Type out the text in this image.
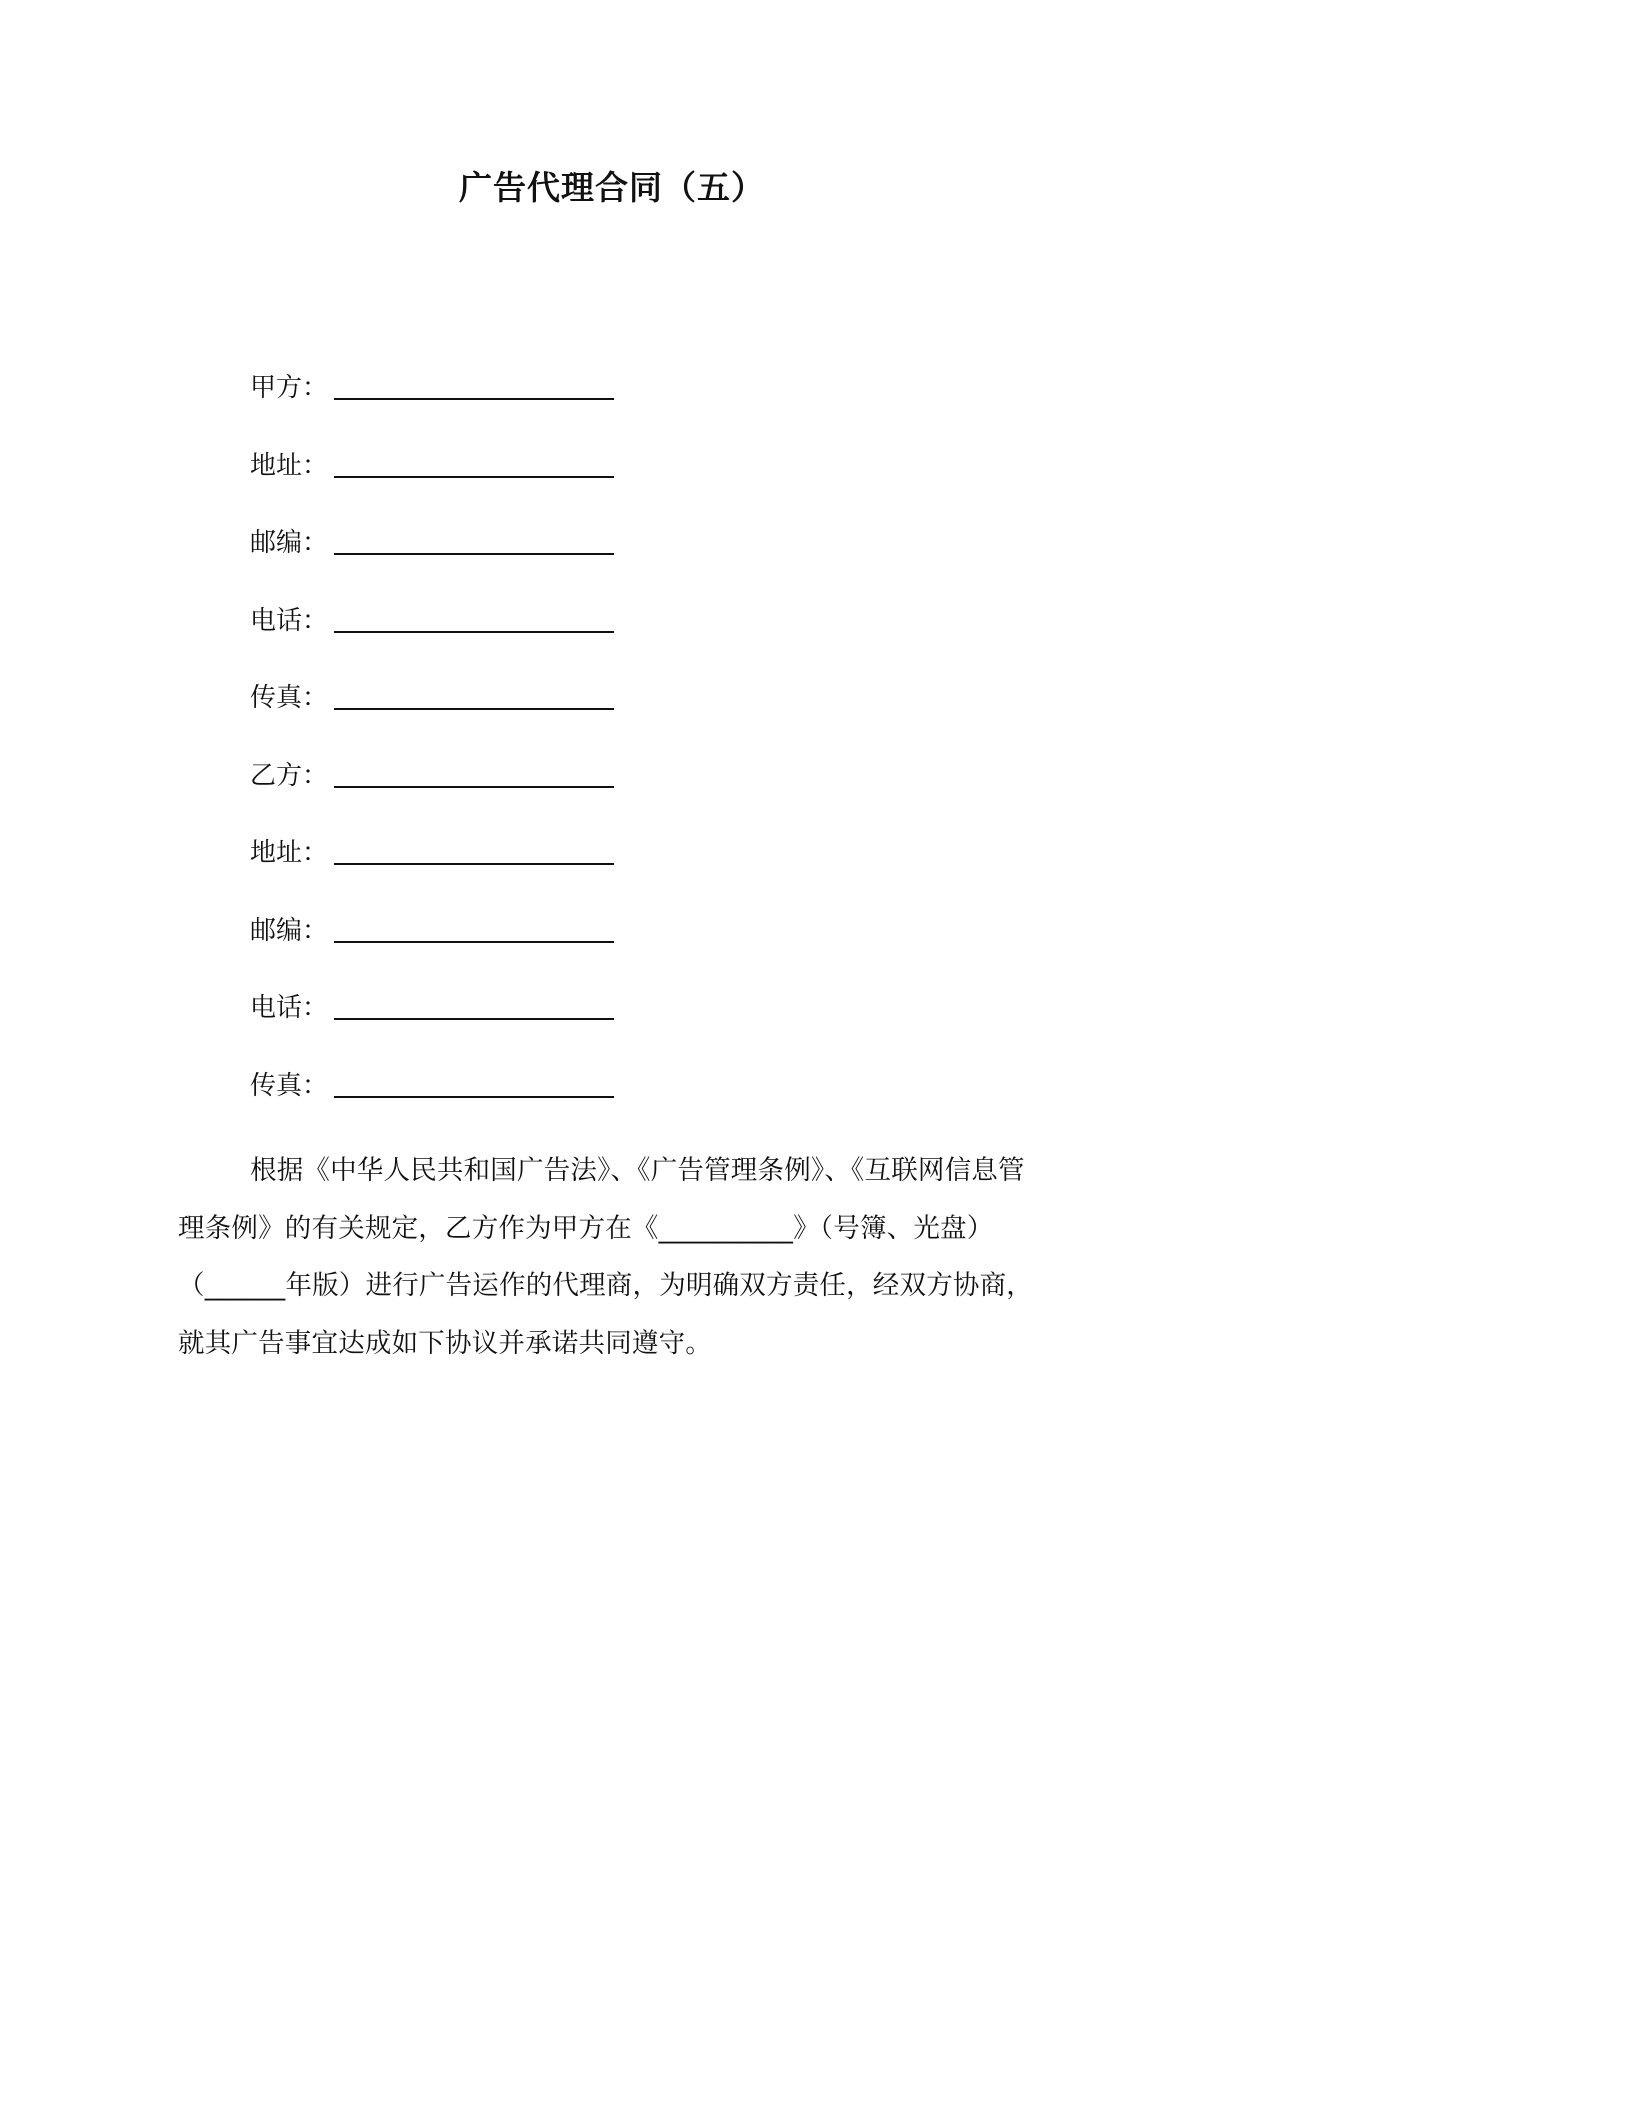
广告代理合同（五）
甲方：
地址：
邮编：
电话：
传真：
乙方：
地址：
邮编：
电话：
传真：

根据《中华人民共和国广告法》、《广告管理条例》、《互联网信息管理条例》的有关规定，乙方作为甲方在《__________》（号簿、光盘）（______年版）进行广告运作的代理商，为明确双方责任，经双方协商，就其广告事宜达成如下协议并承诺共同遵守。
